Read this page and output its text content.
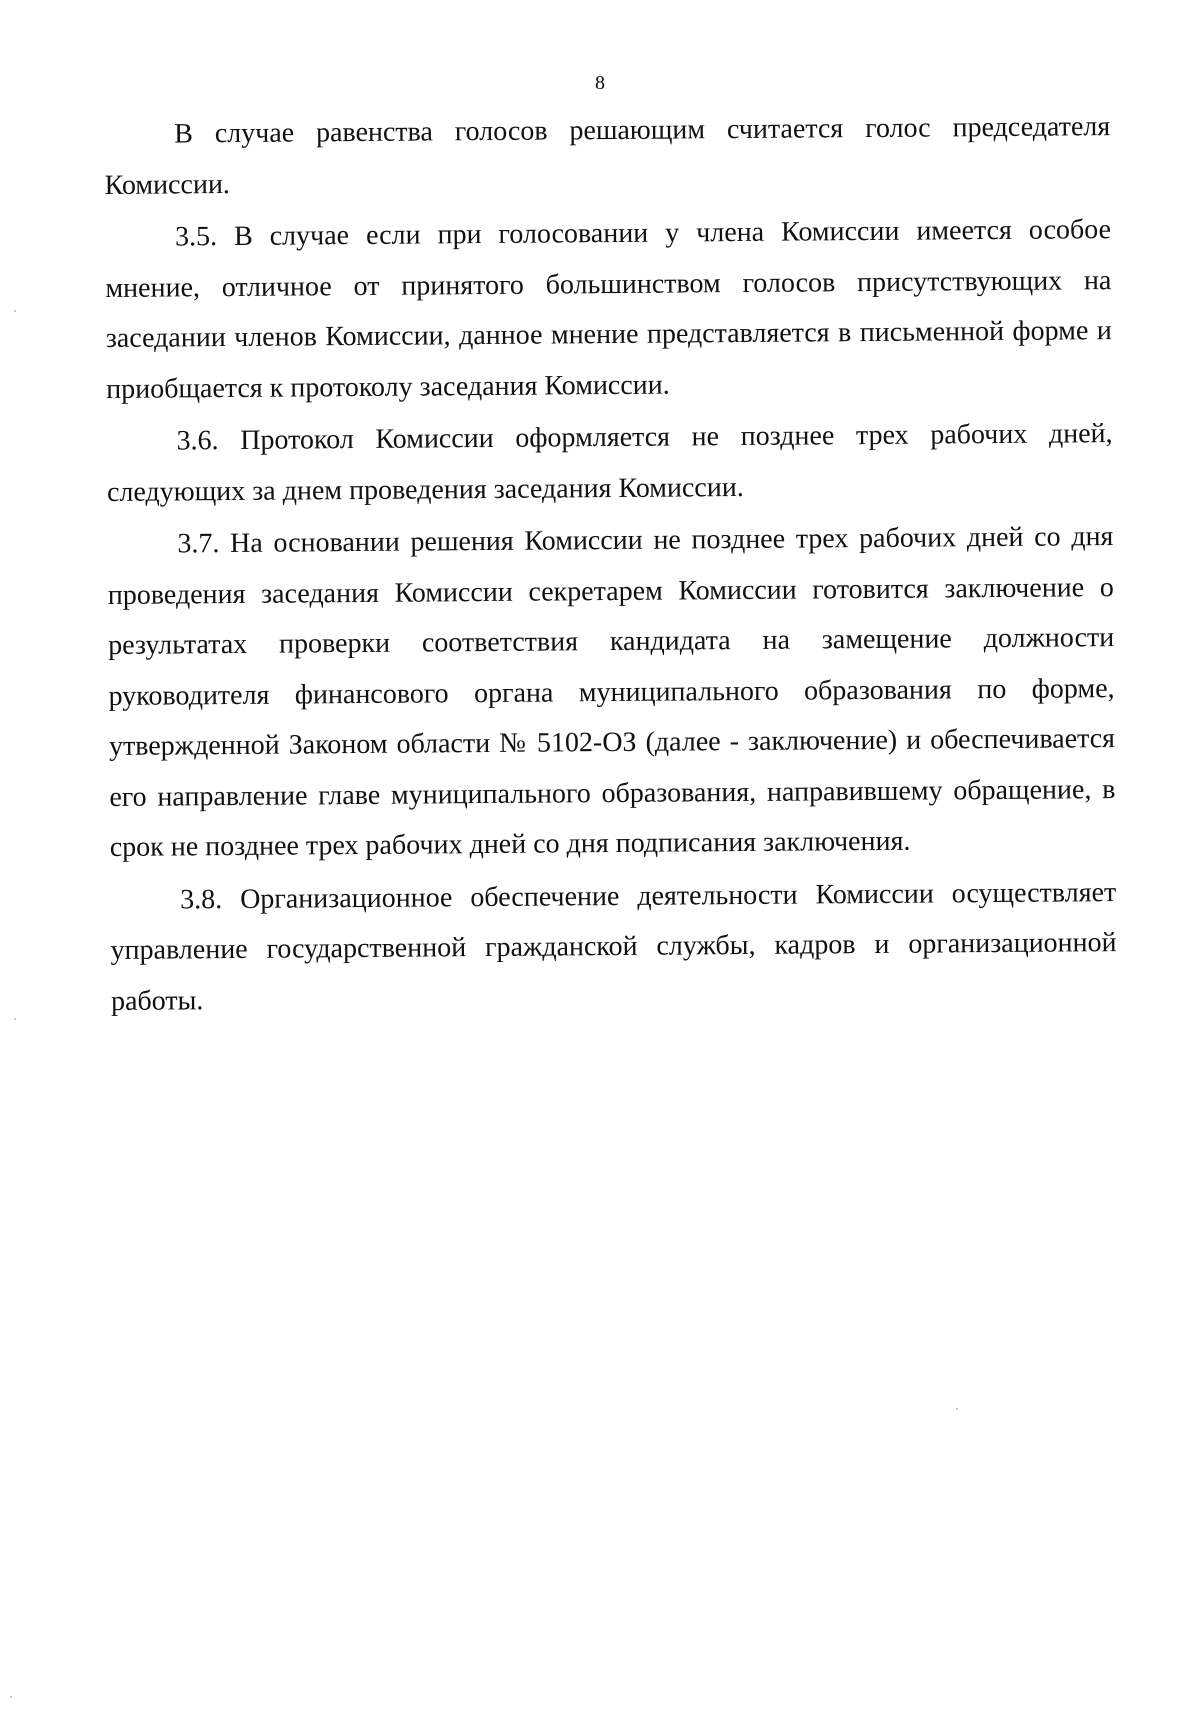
8

В случае равенства голосов решающим считается голос председателя Комиссии.

3.5. В случае если при голосовании у члена Комиссии имеется особое мнение, отличное от принятого большинством голосов присутствующих на заседании членов Комиссии, данное мнение представляется в письменной форме и приобщается к протоколу заседания Комиссии.

3.6. Протокол Комиссии оформляется не позднее трех рабочих дней, следующих за днем проведения заседания Комиссии.

3.7. На основании решения Комиссии не позднее трех рабочих дней со дня проведения заседания Комиссии секретарем Комиссии готовится заключение о результатах проверки соответствия кандидата на замещение должности руководителя финансового органа муниципального образования по форме, утвержденной Законом области № 5102-ОЗ (далее - заключение) и обеспечивается его направление главе муниципального образования, направившему обращение, в срок не позднее трех рабочих дней со дня подписания заключения.

3.8. Организационное обеспечение деятельности Комиссии осуществляет управление государственной гражданской службы, кадров и организационной работы.
